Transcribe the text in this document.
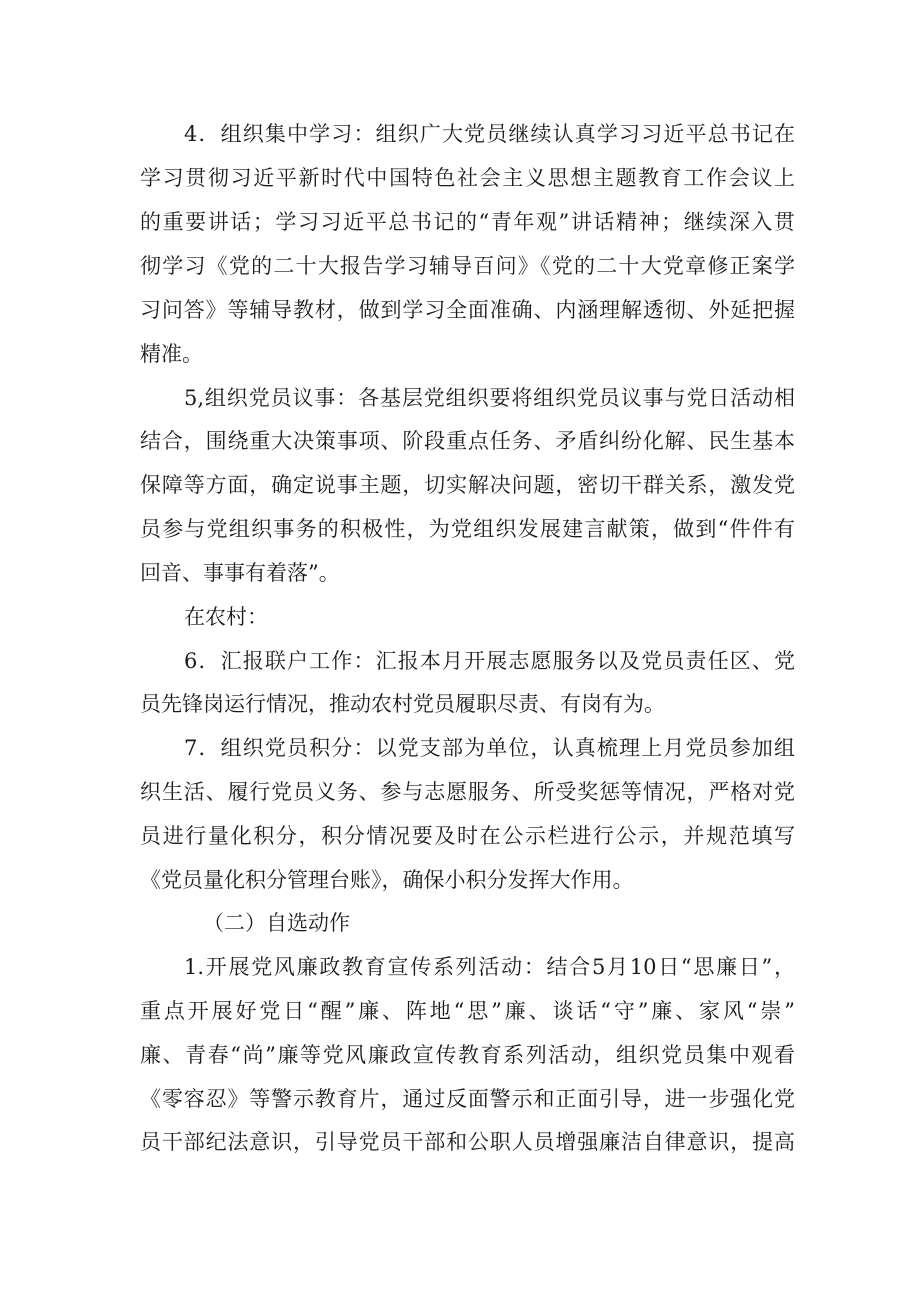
4．组织集中学习：组织广大党员继续认真学习习近平总书记在
学习贯彻习近平新时代中国特色社会主义思想主题教育工作会议上
的重要讲话；学习习近平总书记的“青年观”讲话精神；继续深入贯
彻学习《党的二十大报告学习辅导百问》《党的二十大党章修正案学
习问答》等辅导教材，做到学习全面准确、内涵理解透彻、外延把握
精准。
5,组织党员议事：各基层党组织要将组织党员议事与党日活动相
结合，围绕重大决策事项、阶段重点任务、矛盾纠纷化解、民生基本
保障等方面，确定说事主题，切实解决问题，密切干群关系，激发党
员参与党组织事务的积极性，为党组织发展建言献策，做到“件件有
回音、事事有着落”。
在农村：
6．汇报联户工作：汇报本月开展志愿服务以及党员责任区、党
员先锋岗运行情况，推动农村党员履职尽责、有岗有为。
7．组织党员积分：以党支部为单位，认真梳理上月党员参加组
织生活、履行党员义务、参与志愿服务、所受奖惩等情况，严格对党
员进行量化积分，积分情况要及时在公示栏进行公示，并规范填写
《党员量化积分管理台账》，确保小积分发挥大作用。
（二）自选动作
1.开展党风廉政教育宣传系列活动：结合5月10日“思廉日”，
重点开展好党日“醒”廉、阵地“思”廉、谈话“守”廉、家风“崇”
廉、青春“尚”廉等党风廉政宣传教育系列活动，组织党员集中观看
《零容忍》等警示教育片，通过反面警示和正面引导，进一步强化党
员干部纪法意识，引导党员干部和公职人员增强廉洁自律意识，提高
